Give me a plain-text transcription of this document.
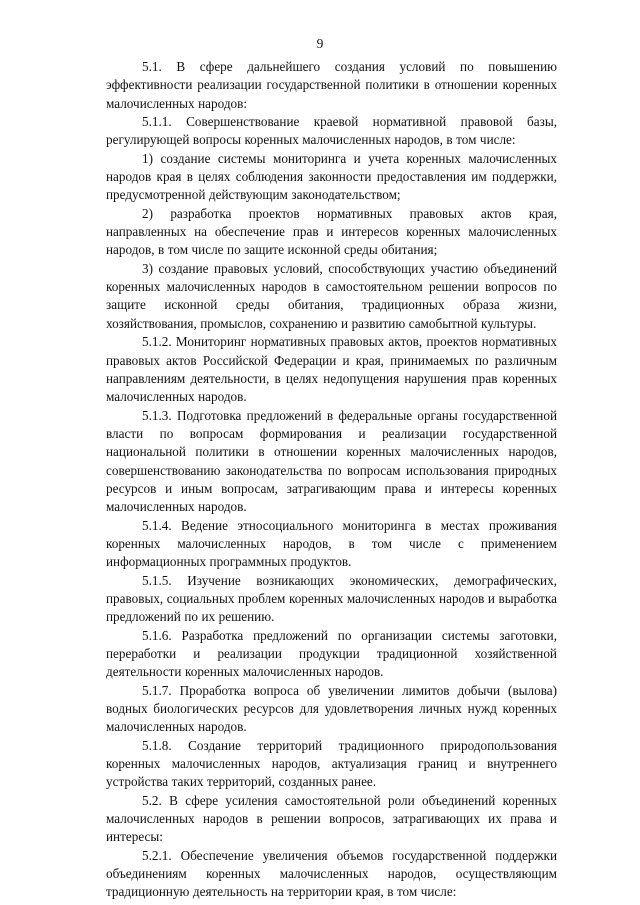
9

5.1. В сфере дальнейшего создания условий по повышению эффективности реализации государственной политики в отношении коренных малочисленных народов:

5.1.1. Совершенствование краевой нормативной правовой базы, регулирующей вопросы коренных малочисленных народов, в том числе:

1) создание системы мониторинга и учета коренных малочисленных народов края в целях соблюдения законности предоставления им поддержки, предусмотренной действующим законодательством;

2) разработка проектов нормативных правовых актов края, направленных на обеспечение прав и интересов коренных малочисленных народов, в том числе по защите исконной среды обитания;

3) создание правовых условий, способствующих участию объединений коренных малочисленных народов в самостоятельном решении вопросов по защите исконной среды обитания, традиционных образа жизни, хозяйствования, промыслов, сохранению и развитию самобытной культуры.

5.1.2. Мониторинг нормативных правовых актов, проектов нормативных правовых актов Российской Федерации и края, принимаемых по различным направлениям деятельности, в целях недопущения нарушения прав коренных малочисленных народов.

5.1.3. Подготовка предложений в федеральные органы государственной власти по вопросам формирования и реализации государственной национальной политики в отношении коренных малочисленных народов, совершенствованию законодательства по вопросам использования природных ресурсов и иным вопросам, затрагивающим права и интересы коренных малочисленных народов.

5.1.4. Ведение этносоциального мониторинга в местах проживания коренных малочисленных народов, в том числе с применением информационных программных продуктов.

5.1.5. Изучение возникающих экономических, демографических, правовых, социальных проблем коренных малочисленных народов и выработка предложений по их решению.

5.1.6. Разработка предложений по организации системы заготовки, переработки и реализации продукции традиционной хозяйственной деятельности коренных малочисленных народов.

5.1.7. Проработка вопроса об увеличении лимитов добычи (вылова) водных биологических ресурсов для удовлетворения личных нужд коренных малочисленных народов.

5.1.8. Создание территорий традиционного природопользования коренных малочисленных народов, актуализация границ и внутреннего устройства таких территорий, созданных ранее.

5.2. В сфере усиления самостоятельной роли объединений коренных малочисленных народов в решении вопросов, затрагивающих их права и интересы:

5.2.1. Обеспечение увеличения объемов государственной поддержки объединениям коренных малочисленных народов, осуществляющим традиционную деятельность на территории края, в том числе:
